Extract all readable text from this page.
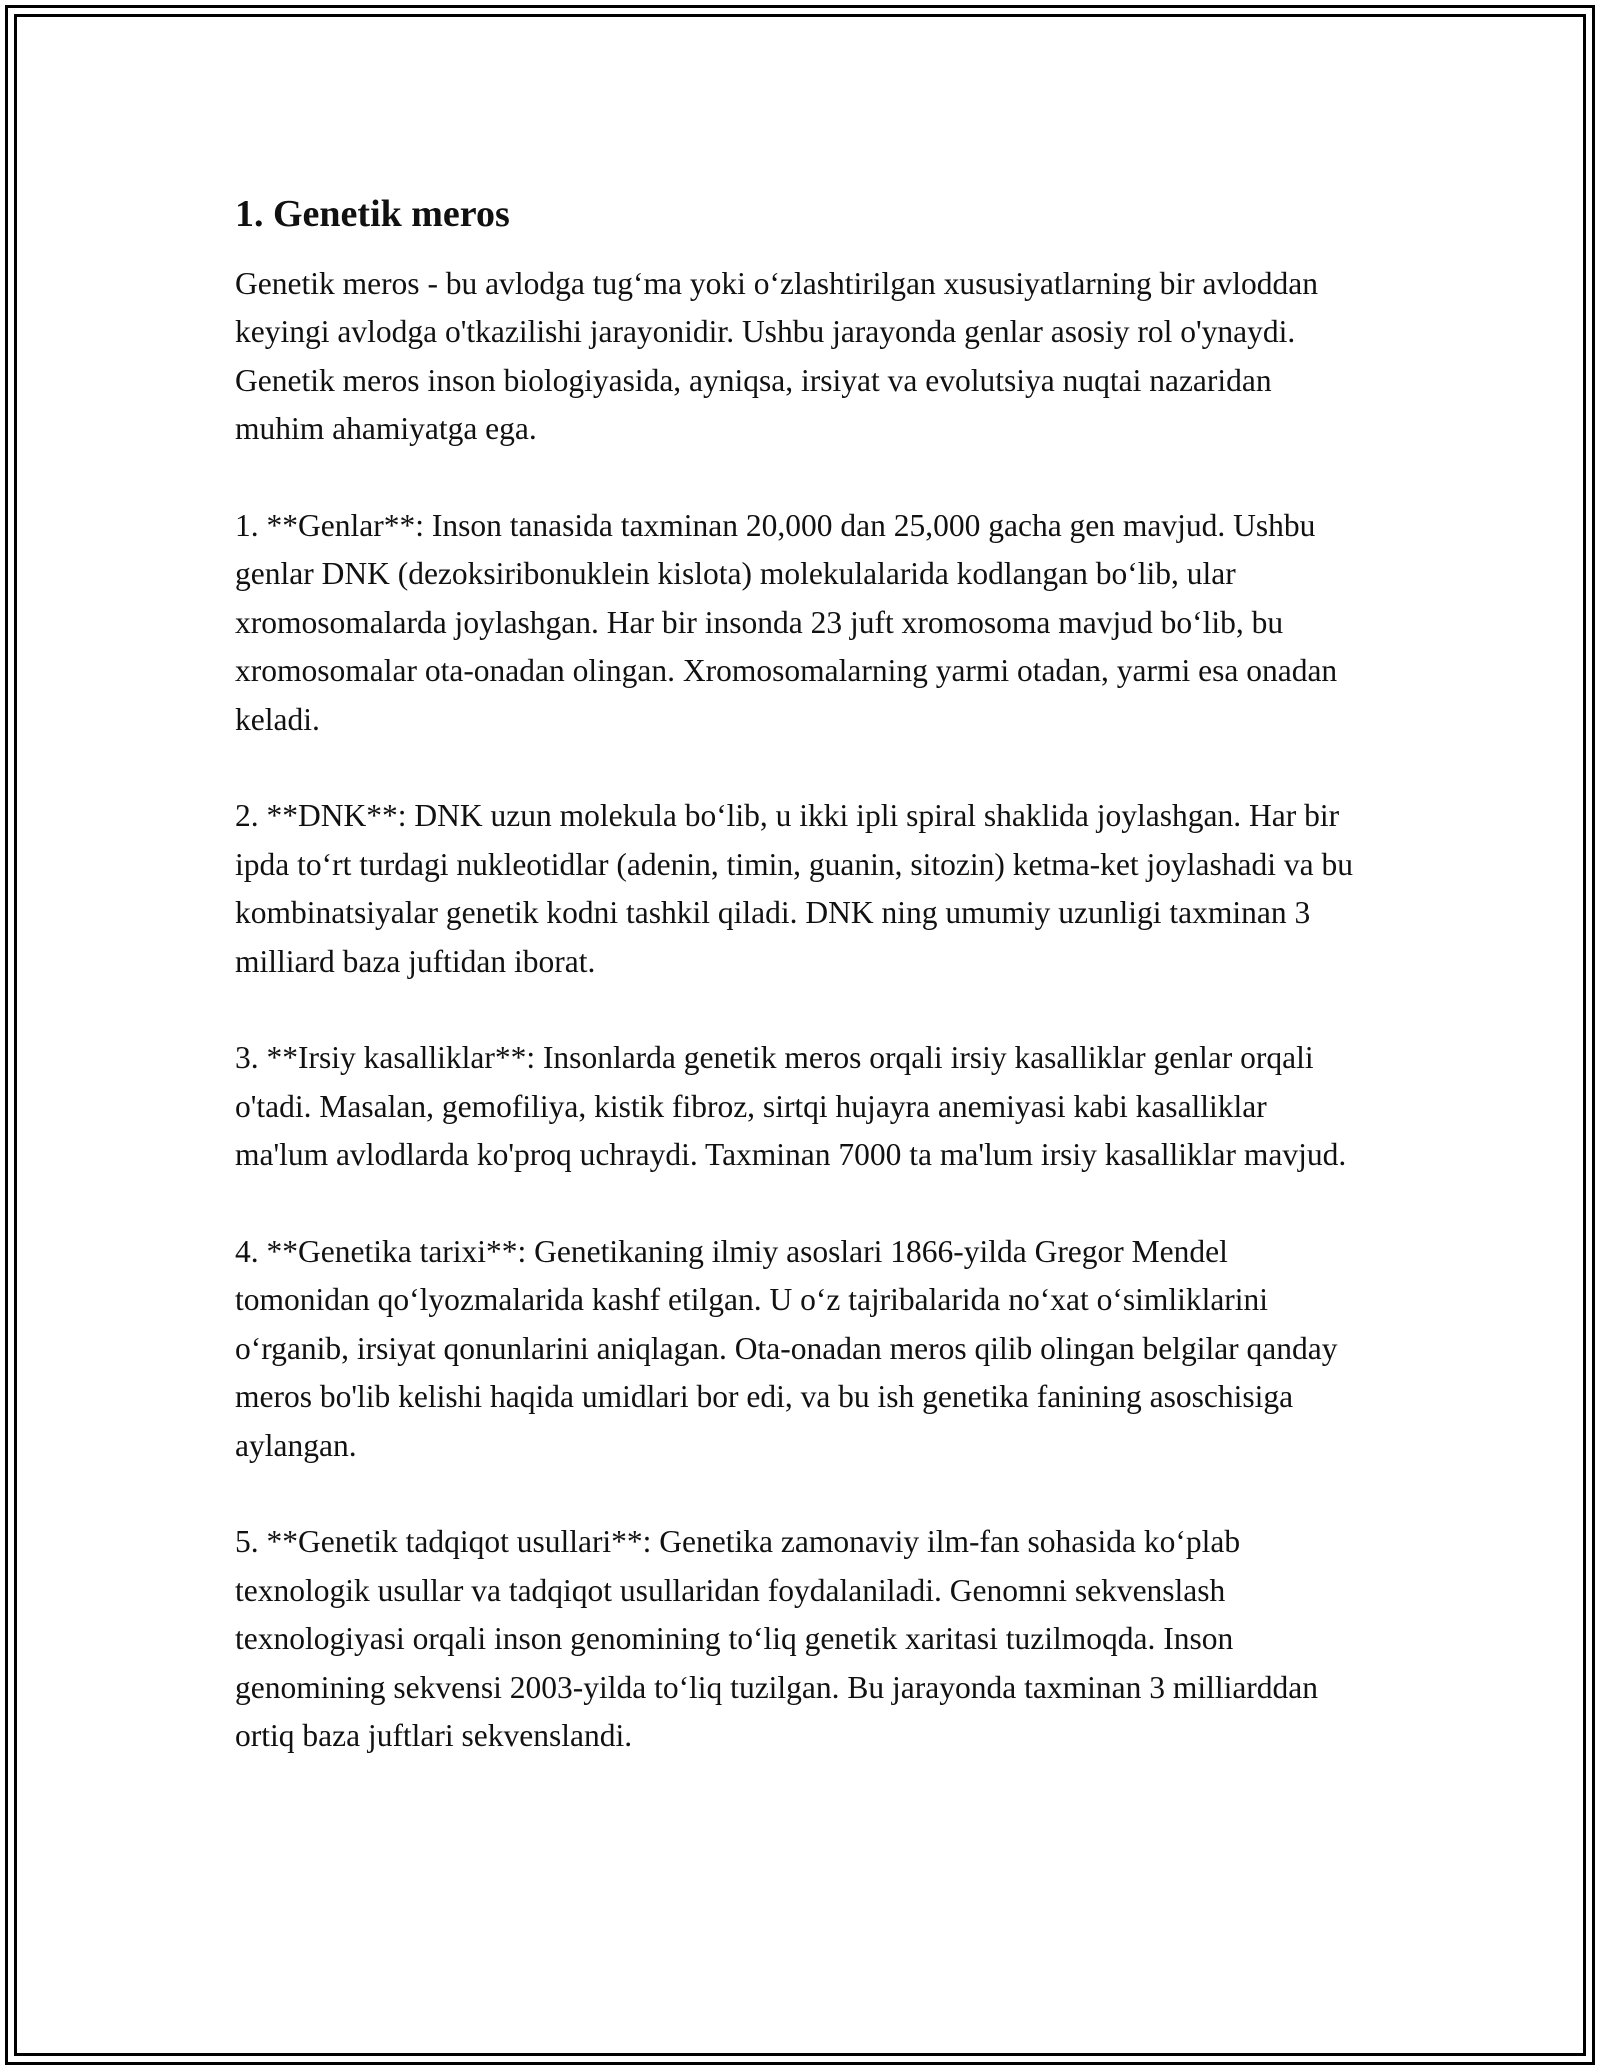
1. Genetik meros

Genetik meros - bu avlodga tug‘ma yoki o‘zlashtirilgan xususiyatlarning bir avloddan keyingi avlodga o'tkazilishi jarayonidir. Ushbu jarayonda genlar asosiy rol o'ynaydi. Genetik meros inson biologiyasida, ayniqsa, irsiyat va evolutsiya nuqtai nazaridan muhim ahamiyatga ega.

1. **Genlar**: Inson tanasida taxminan 20,000 dan 25,000 gacha gen mavjud. Ushbu genlar DNK (dezoksiribonuklein kislota) molekulalarida kodlangan bo‘lib, ular xromosomalarda joylashgan. Har bir insonda 23 juft xromosoma mavjud bo‘lib, bu xromosomalar ota-onadan olingan. Xromosomalarning yarmi otadan, yarmi esa onadan keladi.

2. **DNK**: DNK uzun molekula bo‘lib, u ikki ipli spiral shaklida joylashgan. Har bir ipda to‘rt turdagi nukleotidlar (adenin, timin, guanin, sitozin) ketma-ket joylashadi va bu kombinatsiyalar genetik kodni tashkil qiladi. DNK ning umumiy uzunligi taxminan 3 milliard baza juftidan iborat.

3. **Irsiy kasalliklar**: Insonlarda genetik meros orqali irsiy kasalliklar genlar orqali o'tadi. Masalan, gemofiliya, kistik fibroz, sirtqi hujayra anemiyasi kabi kasalliklar ma'lum avlodlarda ko'proq uchraydi. Taxminan 7000 ta ma'lum irsiy kasalliklar mavjud.

4. **Genetika tarixi**: Genetikaning ilmiy asoslari 1866-yilda Gregor Mendel tomonidan qo‘lyozmalarida kashf etilgan. U o‘z tajribalarida no‘xat o‘simliklarini o‘rganib, irsiyat qonunlarini aniqlagan. Ota-onadan meros qilib olingan belgilar qanday meros bo'lib kelishi haqida umidlari bor edi, va bu ish genetika fanining asoschisiga aylangan.

5. **Genetik tadqiqot usullari**: Genetika zamonaviy ilm-fan sohasida ko‘plab texnologik usullar va tadqiqot usullaridan foydalaniladi. Genomni sekvenslash texnologiyasi orqali inson genomining to‘liq genetik xaritasi tuzilmoqda. Inson genomining sekvensi 2003-yilda to‘liq tuzilgan. Bu jarayonda taxminan 3 milliarddan ortiq baza juftlari sekvenslandi.
